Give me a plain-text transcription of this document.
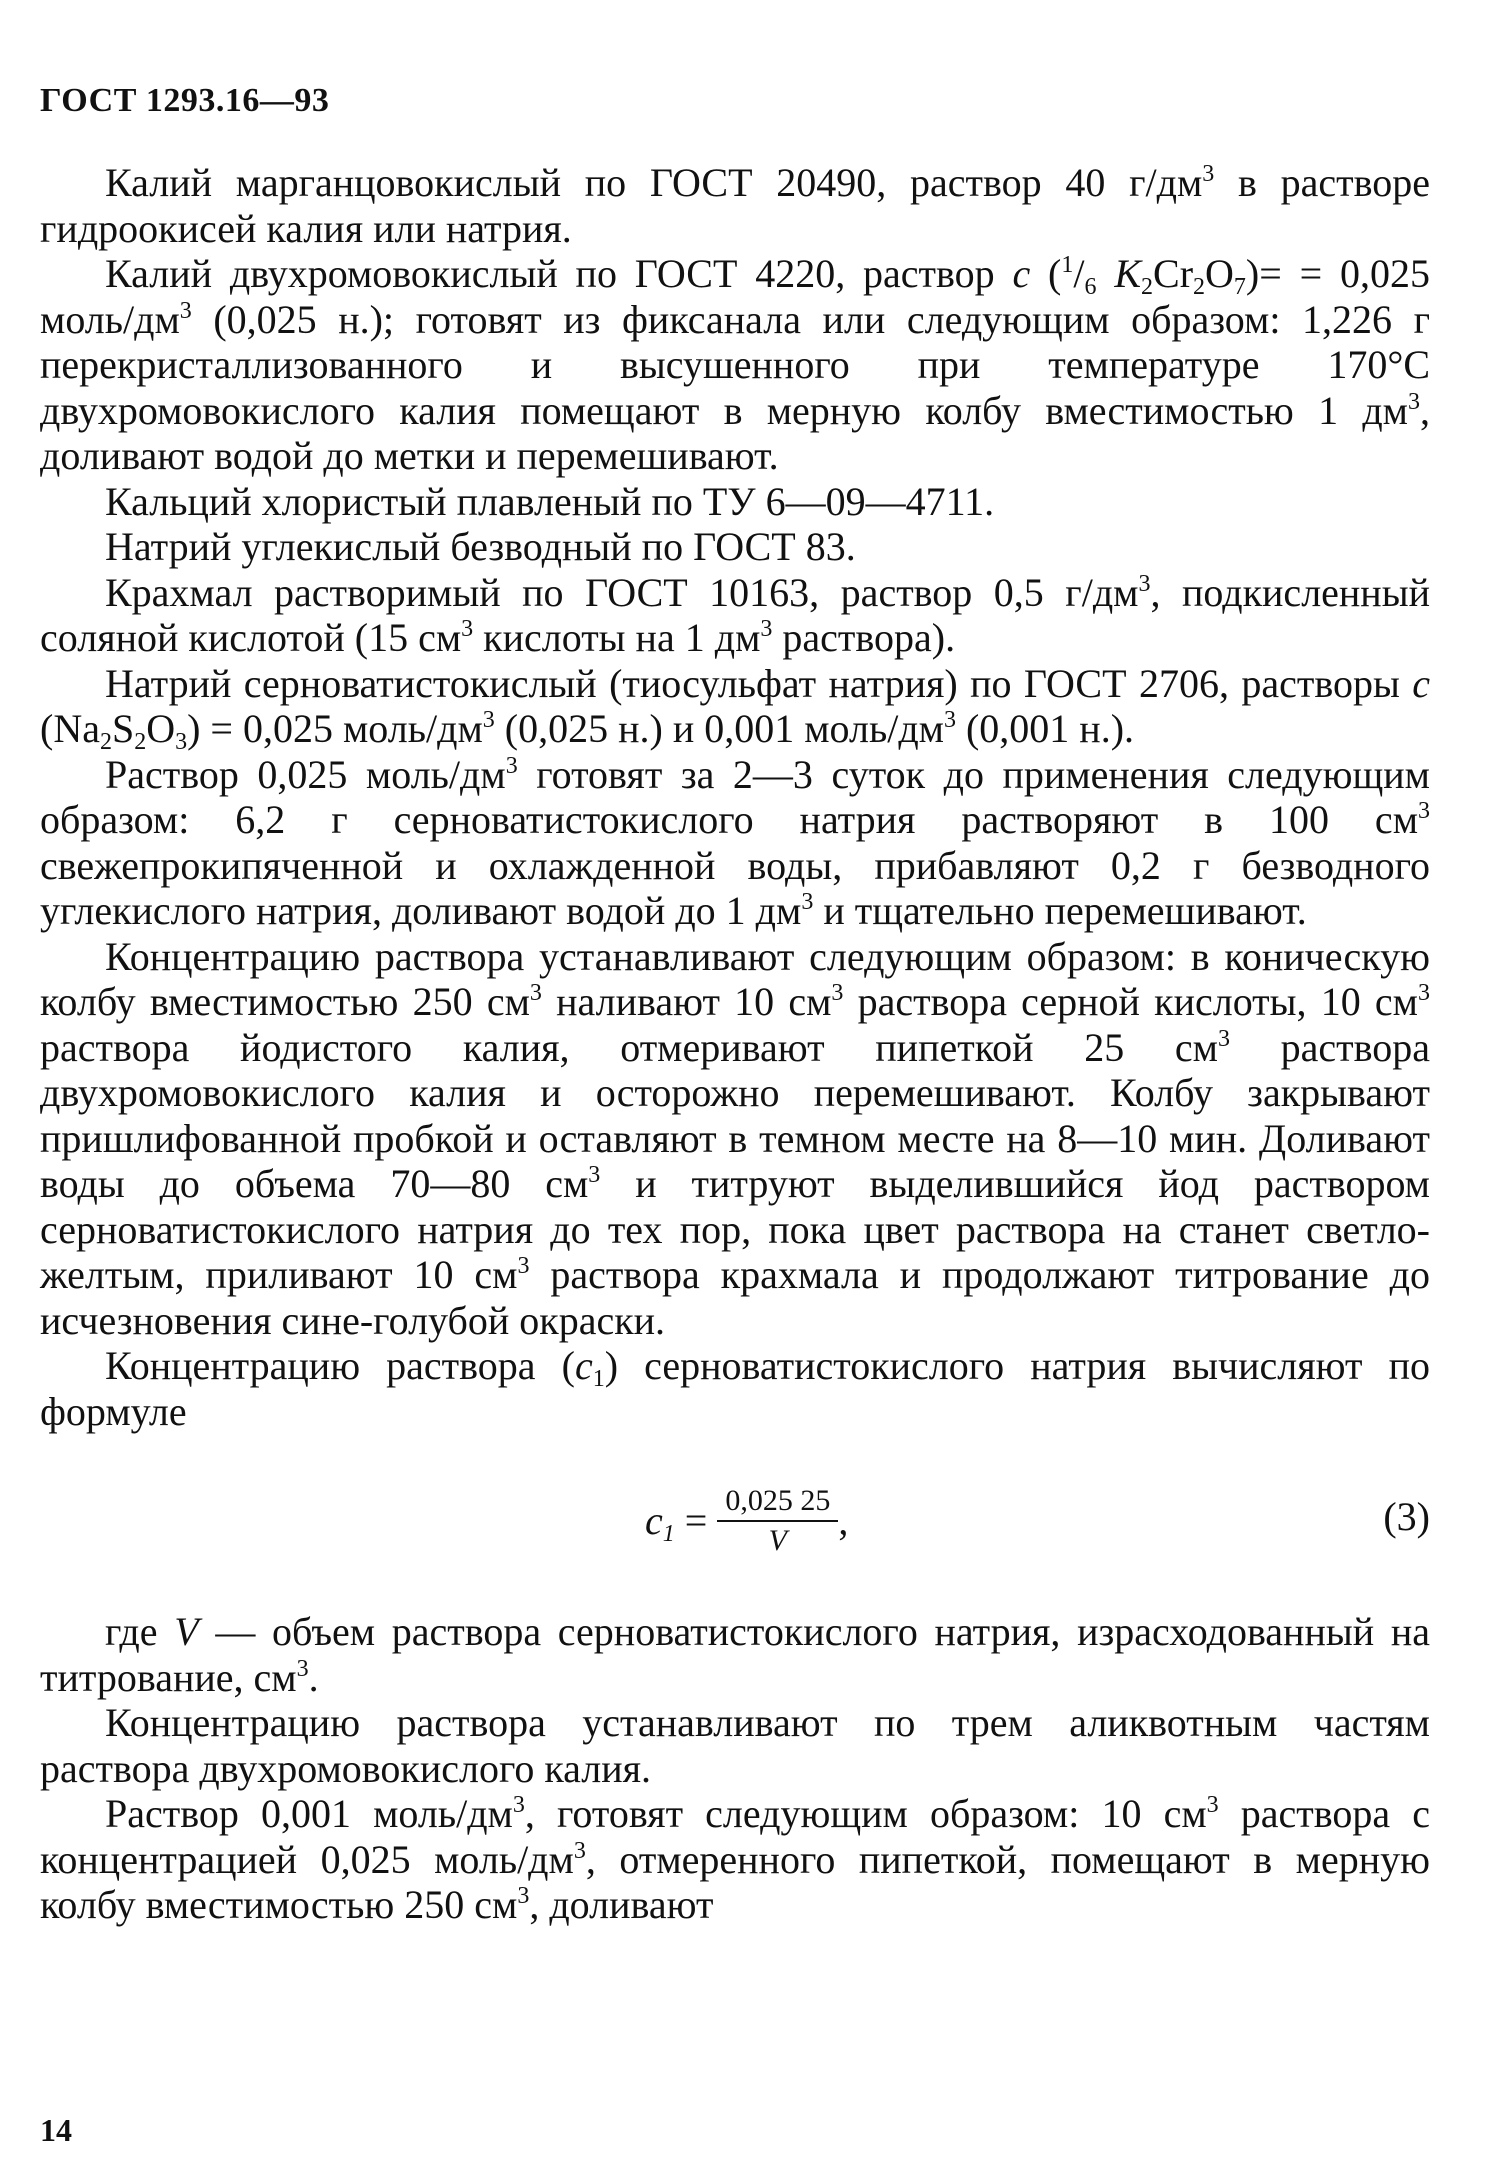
ГОСТ 1293.16—93

Калий марганцовокислый по ГОСТ 20490, раствор 40 $г/дм^3$ в растворе гидроокисей калия или натрия.

Калий двухромовокислый по ГОСТ 4220, раствор c ($^1/_6$ $K_2Cr_2O_7)= = 0,025$ моль/$дм^3$ (0,025 н.); готовят из фиксанала или следующим образом: 1,226 г перекристаллизованного и высушенного при температуре 170°С двухромовокислого калия помещают в мерную колбу вместимостью 1 $дм^3$, доливают водой до метки и перемешивают.

Кальций хлористый плавленый по ТУ 6—09—4711.

Натрий углекислый безводный по ГОСТ 83.

Крахмал растворимый по ГОСТ 10163, раствор 0,5 $г/дм^3$, подкисленный соляной кислотой (15 $см^3$ кислоты на 1 $дм^3$ раствора).

Натрий серноватистокислый (тиосульфат натрия) по ГОСТ 2706, растворы c $(Na_2S_2O_3) = 0,025$ моль/$дм^3$ (0,025 н.) и 0,001 моль/$дм^3$ (0,001 н.).

Раствор 0,025 моль/$дм^3$ готовят за 2—3 суток до применения следующим образом: 6,2 г серноватистокислого натрия растворяют в 100 $см^3$ свежепрокипяченной и охлажденной воды, прибавляют 0,2 г безводного углекислого натрия, доливают водой до 1 $дм^3$ и тщательно перемешивают.

Концентрацию раствора устанавливают следующим образом: в коническую колбу вместимостью 250 $см^3$ наливают 10 $см^3$ раствора серной кислоты, 10 $см^3$ раствора йодистого калия, отмеривают пипеткой 25 $см^3$ раствора двухромовокислого калия и осторожно перемешивают. Колбу закрывают пришлифованной пробкой и оставляют в темном месте на 8—10 мин. Доливают воды до объема 70—80 $см^3$ и титруют выделившийся йод раствором серноватистокислого натрия до тех пор, пока цвет раствора на станет светло-желтым, приливают 10 $см^3$ раствора крахмала и продолжают титрование до исчезновения сине-голубой окраски.

Концентрацию раствора $(c_1)$ серноватистокислого натрия вычисляют по формуле

$c_1 = \frac{0,025 25}{V}$ ,	(3)

где V — объем раствора серноватистокислого натрия, израсходованный на титрование, $см^3$.

Концентрацию раствора устанавливают по трем аликвотным частям раствора двухромовокислого калия.

Раствор 0,001 моль/$дм^3$, готовят следующим образом: 10 $см^3$ раствора с концентрацией 0,025 моль/$дм^3$, отмеренного пипеткой, помещают в мерную колбу вместимостью 250 $см^3$, доливают

14
